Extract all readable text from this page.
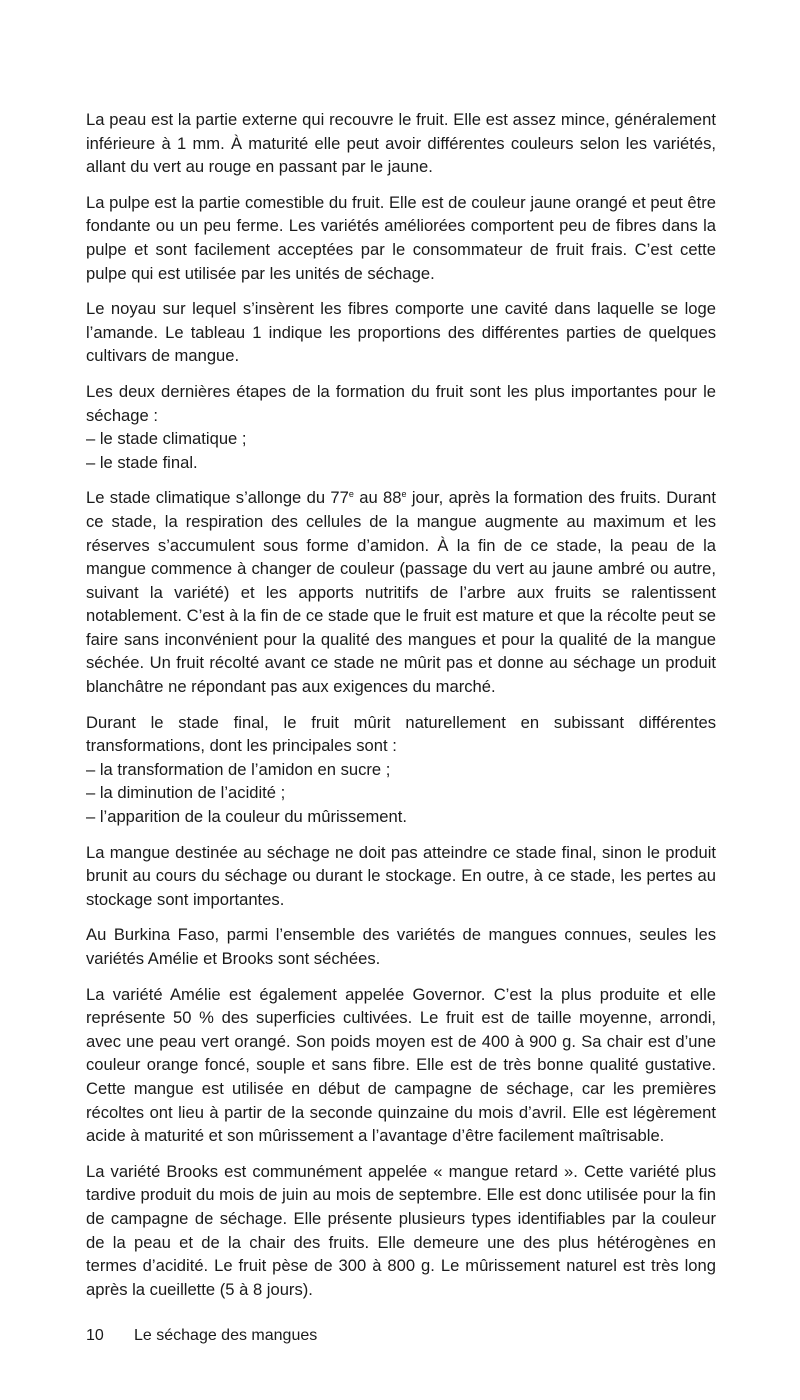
La peau est la partie externe qui recouvre le fruit. Elle est assez mince, généralement inférieure à 1 mm. À maturité elle peut avoir différentes couleurs selon les variétés, allant du vert au rouge en passant par le jaune.

La pulpe est la partie comestible du fruit. Elle est de couleur jaune orangé et peut être fondante ou un peu ferme. Les variétés améliorées comportent peu de fibres dans la pulpe et sont facilement acceptées par le consommateur de fruit frais. C’est cette pulpe qui est utilisée par les unités de séchage.

Le noyau sur lequel s’insèrent les fibres comporte une cavité dans laquelle se loge l’amande. Le tableau 1 indique les proportions des différentes parties de quelques cultivars de mangue.

Les deux dernières étapes de la formation du fruit sont les plus importantes pour le séchage :
– le stade climatique ;
– le stade final.

Le stade climatique s’allonge du 77e au 88e jour, après la formation des fruits. Durant ce stade, la respiration des cellules de la mangue augmente au maximum et les réserves s’accumulent sous forme d’amidon. À la fin de ce stade, la peau de la mangue commence à changer de couleur (passage du vert au jaune ambré ou autre, suivant la variété) et les apports nutritifs de l’arbre aux fruits se ralentissent notablement. C’est à la fin de ce stade que le fruit est mature et que la récolte peut se faire sans inconvénient pour la qualité des mangues et pour la qualité de la mangue séchée. Un fruit récolté avant ce stade ne mûrit pas et donne au séchage un produit blanchâtre ne répondant pas aux exigences du marché.

Durant le stade final, le fruit mûrit naturellement en subissant différentes transformations, dont les principales sont :
– la transformation de l’amidon en sucre ;
– la diminution de l’acidité ;
– l’apparition de la couleur du mûrissement.

La mangue destinée au séchage ne doit pas atteindre ce stade final, sinon le produit brunit au cours du séchage ou durant le stockage. En outre, à ce stade, les pertes au stockage sont importantes.

Au Burkina Faso, parmi l’ensemble des variétés de mangues connues, seules les variétés Amélie et Brooks sont séchées.

La variété Amélie est également appelée Governor. C’est la plus produite et elle représente 50 % des superficies cultivées. Le fruit est de taille moyenne, arrondi, avec une peau vert orangé. Son poids moyen est de 400 à 900 g. Sa chair est d’une couleur orange foncé, souple et sans fibre. Elle est de très bonne qualité gustative. Cette mangue est utilisée en début de campagne de séchage, car les premières récoltes ont lieu à partir de la seconde quinzaine du mois d’avril. Elle est légèrement acide à maturité et son mûrissement a l’avantage d’être facilement maîtrisable.

La variété Brooks est communément appelée « mangue retard ». Cette variété plus tardive produit du mois de juin au mois de septembre. Elle est donc utilisée pour la fin de campagne de séchage. Elle présente plusieurs types identifiables par la couleur de la peau et de la chair des fruits. Elle demeure une des plus hétérogènes en termes d’acidité. Le fruit pèse de 300 à 800 g. Le mûrissement naturel est très long après la cueillette (5 à 8 jours).

10 Le séchage des mangues
